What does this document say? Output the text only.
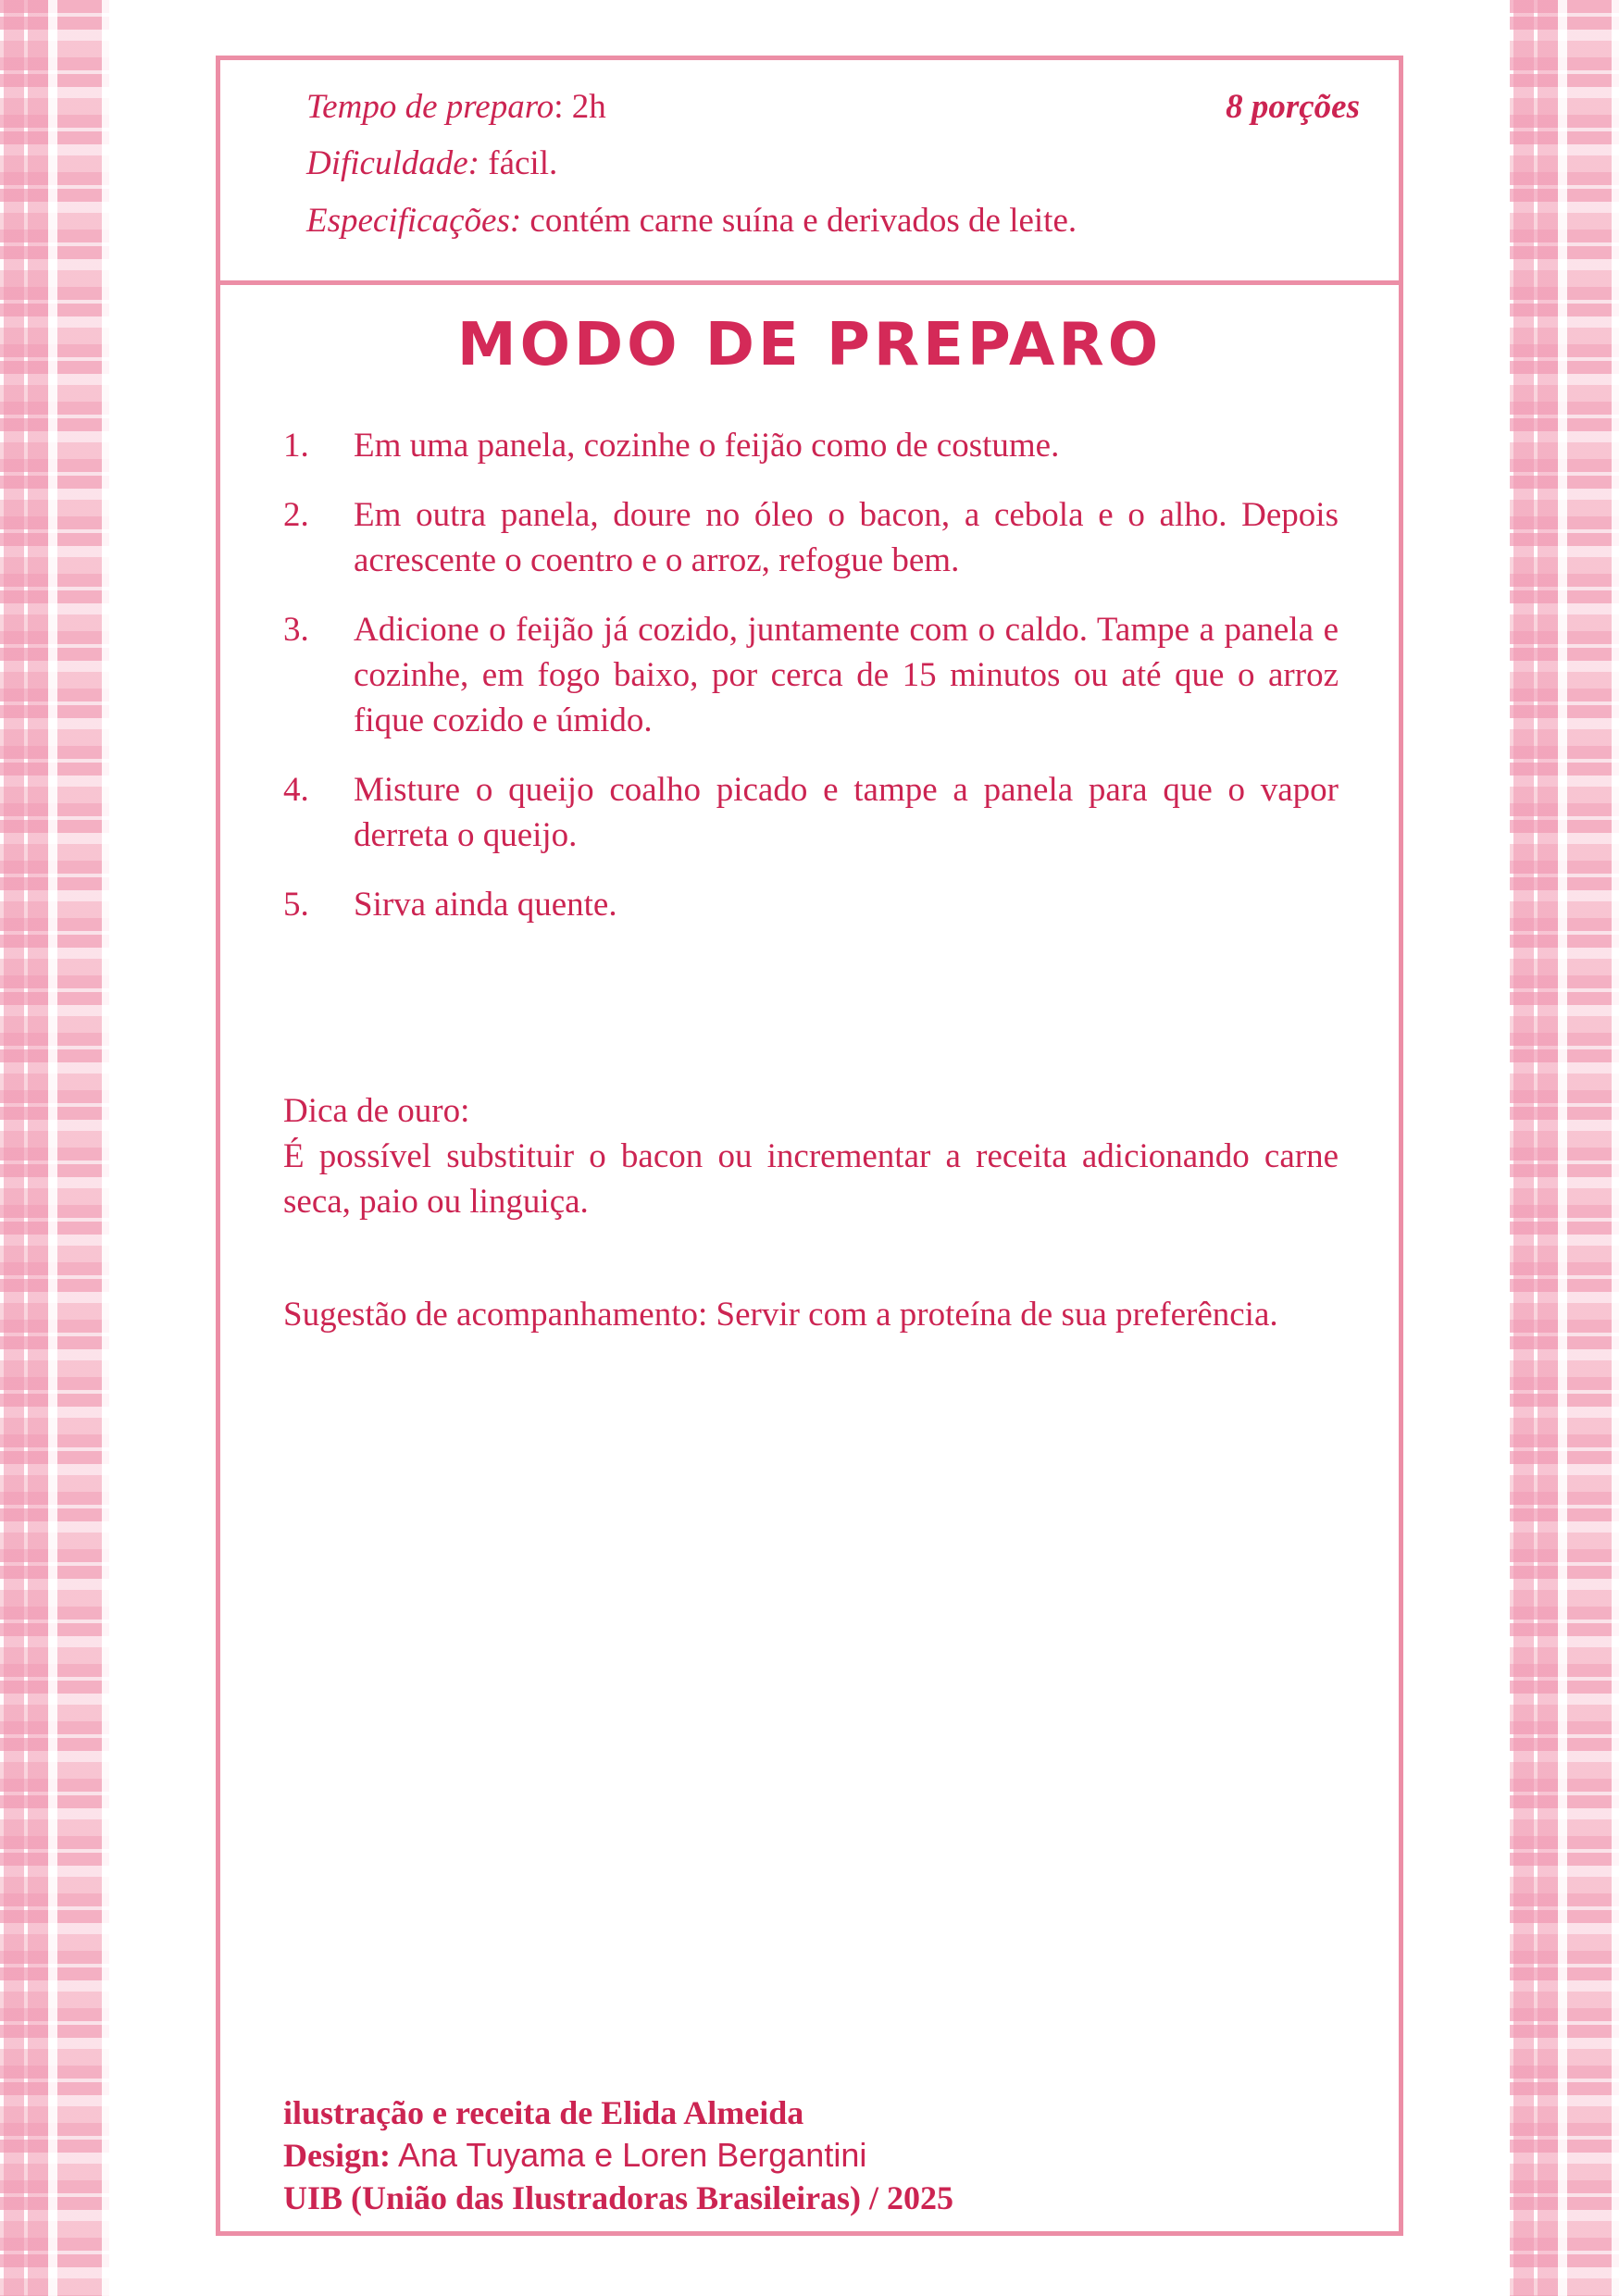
Tempo de preparo: 2h	8 porções
Dificuldade: fácil.
Especificações: contém carne suína e derivados de leite.
MODO DE PREPARO
1. Em uma panela, cozinhe o feijão como de costume.
2. Em outra panela, doure no óleo o bacon, a cebola e o alho. Depois acrescente o coentro e o arroz, refogue bem.
3. Adicione o feijão já cozido, juntamente com o caldo. Tampe a panela e cozinhe, em fogo baixo, por cerca de 15 minutos ou até que o arroz fique cozido e úmido.
4. Misture o queijo coalho picado e tampe a panela para que o vapor derreta o queijo.
5. Sirva ainda quente.
Dica de ouro:
É possível substituir o bacon ou incrementar a receita adicionando carne seca, paio ou linguiça.
Sugestão de acompanhamento: Servir com a proteína de sua preferência.
ilustração e receita de Elida Almeida
Design: Ana Tuyama e Loren Bergantini
UIB (União das Ilustradoras Brasileiras) / 2025
